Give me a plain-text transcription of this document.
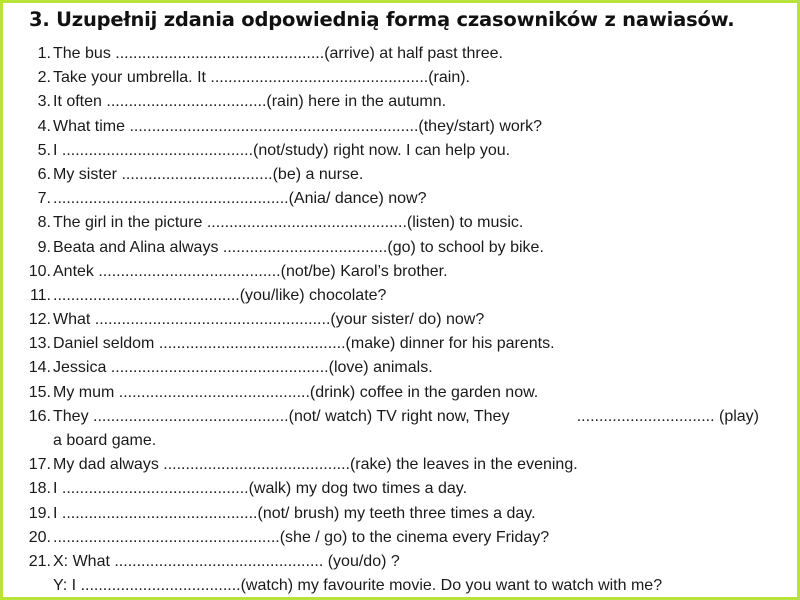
3. Uzupełnij zdania odpowiednią formą czasowników z nawiasów.
1. The bus ...............................................(arrive) at half past three.
2. Take your umbrella. It .................................................(rain).
3. It often ....................................(rain) here in the autumn.
4. What time .................................................................(they/start) work?
5. I ...........................................(not/study) right now. I can help you.
6. My sister ..................................(be) a nurse.
7. .....................................................(Ania/ dance) now?
8. The girl in the picture .............................................(listen) to music.
9. Beata and Alina always .....................................(go) to school by bike.
10. Antek .........................................(not/be) Karol’s brother.
11. ..........................................(you/like) chocolate?
12. What .....................................................(your sister/ do) now?
13. Daniel seldom ..........................................(make) dinner for his parents.
14. Jessica .................................................(love) animals.
15. My mum ...........................................(drink) coffee in the garden now.
16. They ............................................(not/ watch) TV right now, They	............................... (play)
a board game.
17. My dad always ..........................................(rake) the leaves in the evening.
18. I ..........................................(walk) my dog two times a day.
19. I ............................................(not/ brush) my teeth three times a day.
20. ...................................................(she / go) to the cinema every Friday?
21. X: What ............................................... (you/do) ?
Y: I ....................................(watch) my favourite movie. Do you want to watch with me?
